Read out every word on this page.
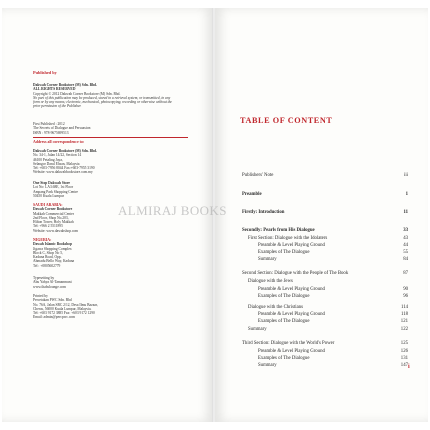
Published by
Dakwah Corner Bookstore (M) Sdn. Bhd.
ALL RIGHTS RESERVED
Copyright © 2012 Dakwah Corner Bookstore (M) Sdn. Bhd.
No part of this publication may be produced, stored in a retrieval system, or transmitted, in any
form or by any means; electronic, mechanical, photocopying, recording or otherwise without the
prior permission of the Publisher.
First Published : 2012
The Secrets of Dialogue and Persuasion
ISBN : 978-9675699513
Address all correspondence to:
Dakwah Corner Bookstore (M) Sdn. Bhd.
No. 34-1, Jalan 14/22, Section 14
46100 Petaling Jaya,
Selangor Darul Ehsan, Malaysia
Tel: +603-7956 8044 Fax:+603-7955 3190
Website: www.dakwahbookstore.com.my
One Stop Dakwah Store
Lot No: LA3.68E, 1st Floor
Ampang Park Shopping Centre
50450 Kuala Lumpur
SAUDI ARABIA:
Dawah Corner Bookstore
Makkah Commercial Center
2nd Floor, Shop No.203,
Hilton Tower, Holy Makkah
Tel: +966 2 5511895
Website: www.dawahshop.com
NIGERIA:
Dawah Islamic Bookshop
Jigawa Shopping Complex
Block C, Shop No 5,
Kaduna Road, Opp.
Ahmadu Bello Way, Kaduna
Tel : +0805602779
Typesetting by
Abu Yahya Al-Tamanmuni
www.thabslounge.com
Printed by
Percetakan PWC Sdn. Bhd
No. 76A, Jalan SBC 2/12, Desa Ilmu Bazaar,
Cheras, 56000 Kuala Lumpur, Malaysia.
Tel: +603 9172 3885 Fax: +603 9172 1290
Email: admin@percpwc.com
TABLE OF CONTENT
Publishers' Note	iii
Preamble	1
Firstly: Introduction	11
Secondly: Pearls from His Dialogue	33
First Section: Dialogue with the Idolaters	43
Preamble & Level Playing Ground	44
Examples of The Dialogue	55
Summary	84
Second Section: Dialogue with the People of The Book	87
Dialogue with the Jews
Preamble & Level Playing Ground	90
Examples of The Dialogue	96
Dialogue with the Christians	114
Preamble & Level Playing Ground	118
Examples of The Dialogue	121
Summary	122
Third Section: Dialogue with the World's Power	125
Preamble & Level Playing Ground	126
Examples of The Dialogue	131
Summary	147 i
ALMIRAJ BOOKS
